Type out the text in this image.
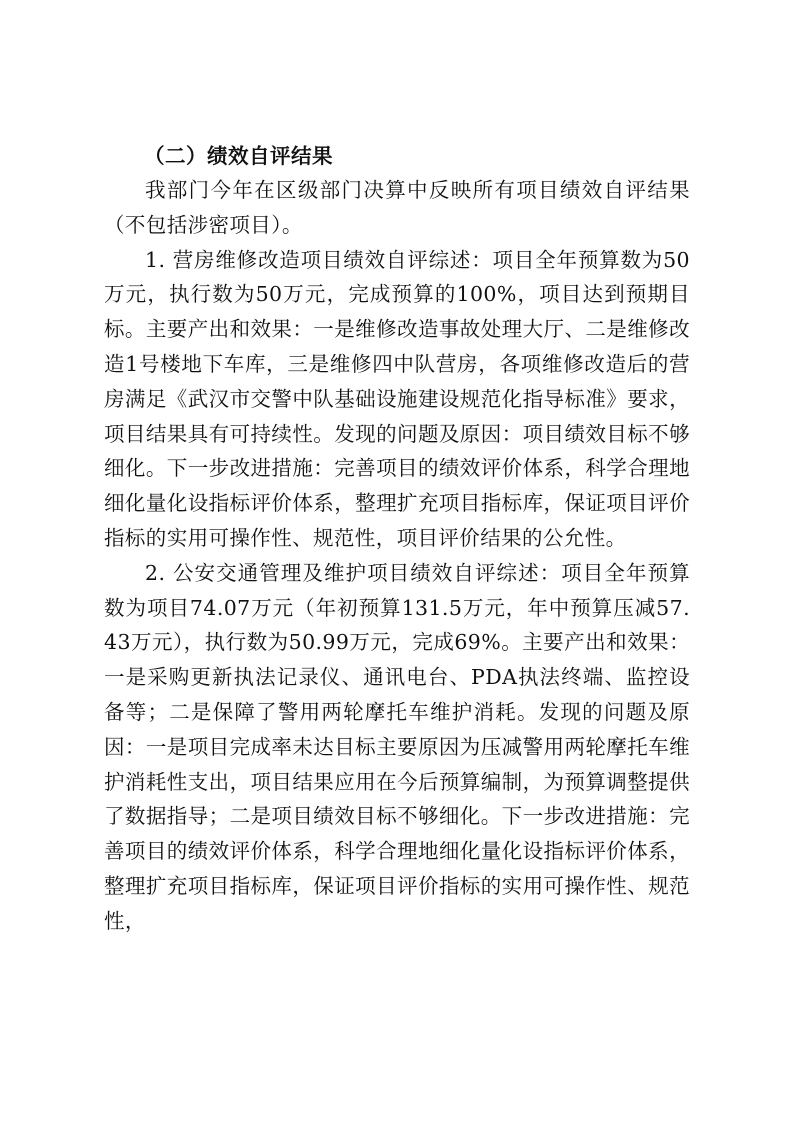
（二）绩效自评结果

我部门今年在区级部门决算中反映所有项目绩效自评结果（不包括涉密项目）。

1. 营房维修改造项目绩效自评综述：项目全年预算数为50万元，执行数为50万元，完成预算的100%，项目达到预期目标。主要产出和效果：一是维修改造事故处理大厅、二是维修改造1号楼地下车库，三是维修四中队营房，各项维修改造后的营房满足《武汉市交警中队基础设施建设规范化指导标准》要求，项目结果具有可持续性。发现的问题及原因：项目绩效目标不够细化。下一步改进措施：完善项目的绩效评价体系，科学合理地细化量化设指标评价体系，整理扩充项目指标库，保证项目评价指标的实用可操作性、规范性，项目评价结果的公允性。

2. 公安交通管理及维护项目绩效自评综述：项目全年预算数为项目74.07万元（年初预算131.5万元，年中预算压减57.43万元），执行数为50.99万元，完成69%。主要产出和效果：一是采购更新执法记录仪、通讯电台、PDA执法终端、监控设备等；二是保障了警用两轮摩托车维护消耗。发现的问题及原因：一是项目完成率未达目标主要原因为压减警用两轮摩托车维护消耗性支出，项目结果应用在今后预算编制，为预算调整提供了数据指导；二是项目绩效目标不够细化。下一步改进措施：完善项目的绩效评价体系，科学合理地细化量化设指标评价体系，整理扩充项目指标库，保证项目评价指标的实用可操作性、规范性，
